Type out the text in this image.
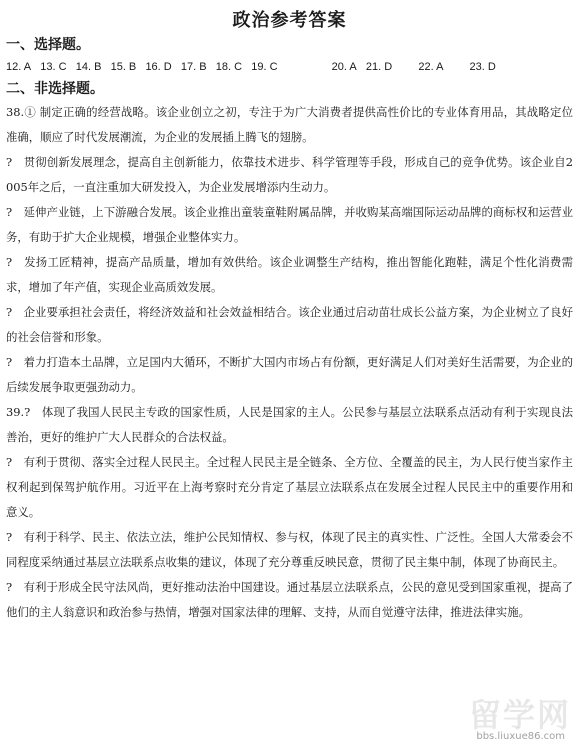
政治参考答案
一、选择题。
12. A 13. C 14. B 15. B 16. D 17. B 18. C 19. C	20. A 21. D 22. A 23. D
二、非选择题。

38.① 制定正确的经营战略。该企业创立之初，专注于为广大消费者提供高性价比的专业体育用品，其战略定位准确，顺应了时代发展潮流，为企业的发展插上腾飞的翅膀。

?　贯彻创新发展理念，提高自主创新能力，依靠技术进步、科学管理等手段，形成自己的竞争优势。该企业自2005年之后，一直注重加大研发投入，为企业发展增添内生动力。

?　延伸产业链，上下游融合发展。该企业推出童装童鞋附属品牌，并收购某高端国际运动品牌的商标权和运营业务，有助于扩大企业规模，增强企业整体实力。

?　发扬工匠精神，提高产品质量，增加有效供给。该企业调整生产结构，推出智能化跑鞋，满足个性化消费需求，增加了年产值，实现企业高质效发展。

?　企业要承担社会责任，将经济效益和社会效益相结合。该企业通过启动苗壮成长公益方案，为企业树立了良好的社会信誉和形象。

?　着力打造本土品牌，立足国内大循环，不断扩大国内市场占有份额，更好满足人们对美好生活需要，为企业的后续发展争取更强劲动力。

39.?　体现了我国人民民主专政的国家性质，人民是国家的主人。公民参与基层立法联系点活动有利于实现良法善治，更好的维护广大人民群众的合法权益。

?　有利于贯彻、落实全过程人民民主。全过程人民民主是全链条、全方位、全覆盖的民主，为人民行使当家作主权利起到保驾护航作用。习近平在上海考察时充分肯定了基层立法联系点在发展全过程人民民主中的重要作用和意义。

?　有利于科学、民主、依法立法，维护公民知情权、参与权，体现了民主的真实性、广泛性。全国人大常委会不同程度采纳通过基层立法联系点收集的建议，体现了充分尊重反映民意，贯彻了民主集中制，体现了协商民主。

?　有利于形成全民守法风尚，更好推动法治中国建设。通过基层立法联系点，公民的意见受到国家重视，提高了他们的主人翁意识和政治参与热情，增强对国家法律的理解、支持，从而自觉遵守法律，推进法律实施。

留学网
bbs.liuxue86.com
